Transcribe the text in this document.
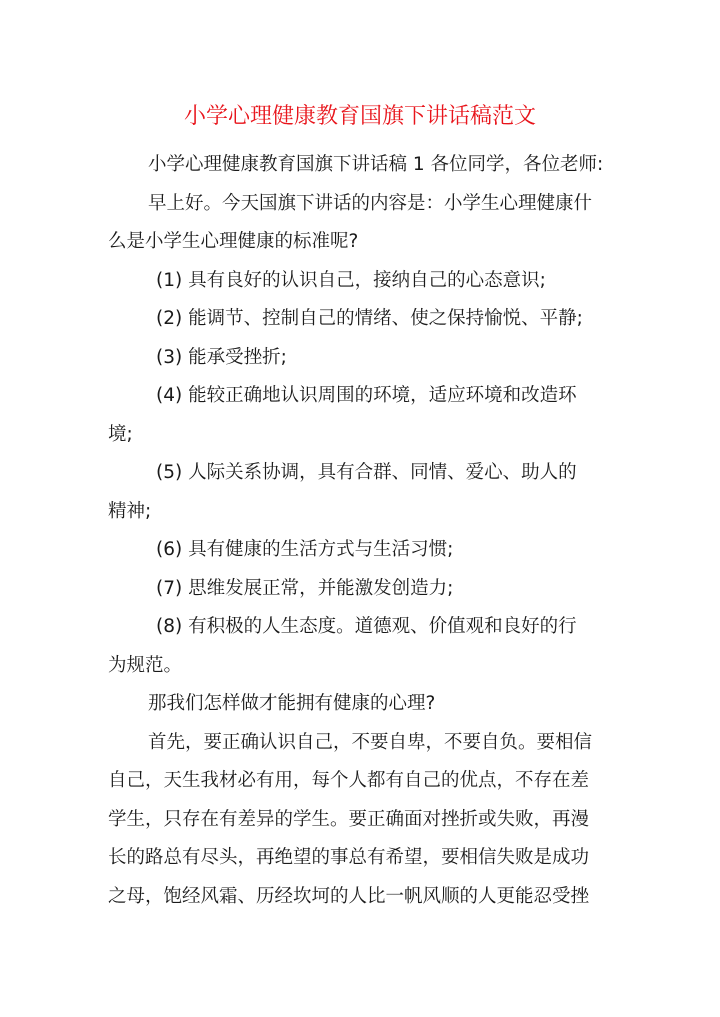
小学心理健康教育国旗下讲话稿范文
小学心理健康教育国旗下讲话稿 1 各位同学，各位老师:
早上好。今天国旗下讲话的内容是：小学生心理健康什
么是小学生心理健康的标准呢?
(1) 具有良好的认识自己，接纳自己的心态意识;
(2) 能调节、控制自己的情绪、使之保持愉悦、平静;
(3) 能承受挫折;
(4) 能较正确地认识周围的环境，适应环境和改造环
境;
(5) 人际关系协调，具有合群、同情、爱心、助人的
精神;
(6) 具有健康的生活方式与生活习惯;
(7) 思维发展正常，并能激发创造力;
(8) 有积极的人生态度。道德观、价值观和良好的行
为规范。
那我们怎样做才能拥有健康的心理?
首先，要正确认识自己，不要自卑，不要自负。要相信
自己，天生我材必有用，每个人都有自己的优点，不存在差
学生，只存在有差异的学生。要正确面对挫折或失败，再漫
长的路总有尽头，再绝望的事总有希望，要相信失败是成功
之母，饱经风霜、历经坎坷的人比一帆风顺的人更能忍受挫
